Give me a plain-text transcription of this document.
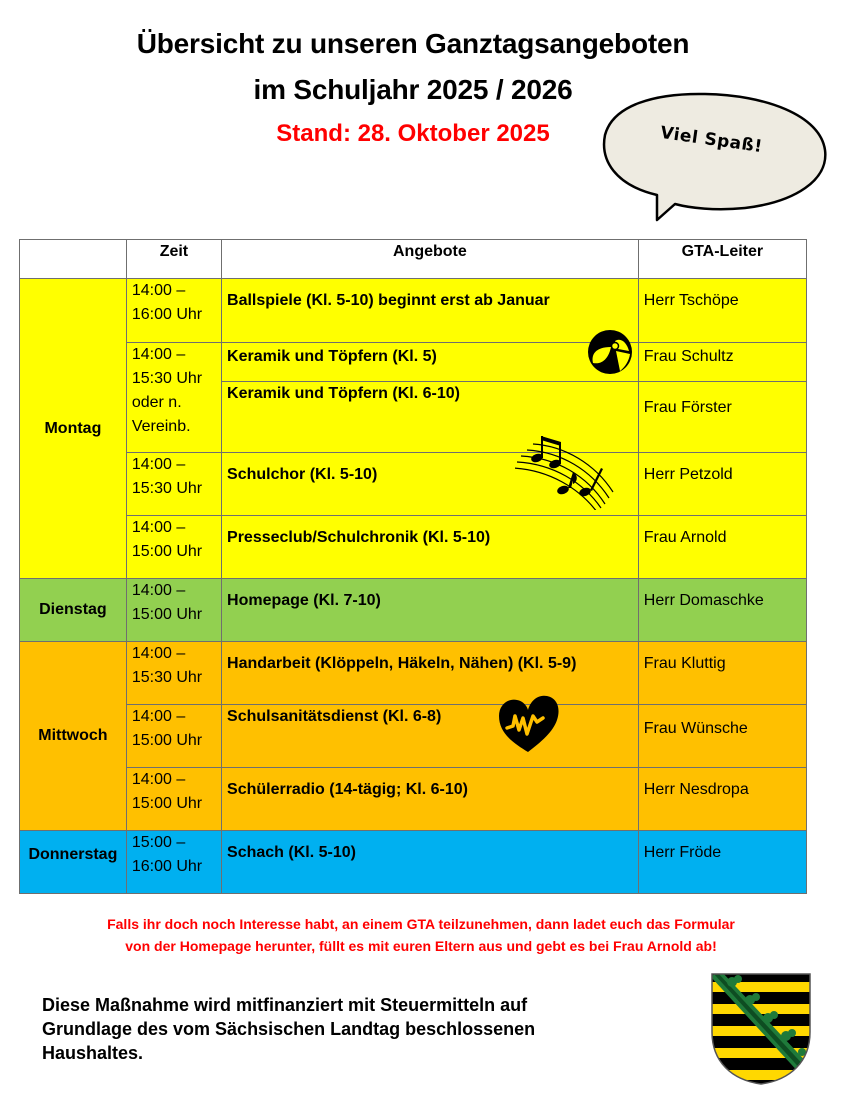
Übersicht zu unseren Ganztagsangeboten
im Schuljahr 2025 / 2026
Stand: 28. Oktober 2025	Viel Spaß!
	Zeit	Angebote	GTA-Leiter
Montag	14:00 –
16:00 Uhr	Ballspiele (Kl. 5-10) beginnt erst ab Januar	Herr Tschöpe

	14:00 –
15:30 Uhr
oder n.
Vereinb.	Keramik und Töpfern (Kl. 5)	Frau Schultz
		Keramik und Töpfern (Kl. 6-10)	Frau Förster

	14:00 –
15:30 Uhr	Schulchor (Kl. 5-10)	Herr Petzold

	14:00 –
15:00 Uhr	Presseclub/Schulchronik (Kl. 5-10)	Frau Arnold
Dienstag	14:00 –
15:00 Uhr	Homepage (Kl. 7-10)	Herr Domaschke
Mittwoch	14:00 –
15:30 Uhr	Handarbeit (Klöppeln, Häkeln, Nähen) (Kl. 5-9)	Frau Kluttig

	14:00 –
15:00 Uhr	Schulsanitätsdienst (Kl. 6-8)	Frau Wünsche

	14:00 –
15:00 Uhr	Schülerradio (14-tägig; Kl. 6-10)	Herr Nesdropa
Donnerstag	15:00 –
16:00 Uhr	Schach (Kl. 5-10)	Herr Fröde
Falls ihr doch noch Interesse habt, an einem GTA teilzunehmen, dann ladet euch das Formular
von der Homepage herunter, füllt es mit euren Eltern aus und gebt es bei Frau Arnold ab!
Diese Maßnahme wird mitfinanziert mit Steuermitteln auf
Grundlage des vom Sächsischen Landtag beschlossenen
Haushaltes.
